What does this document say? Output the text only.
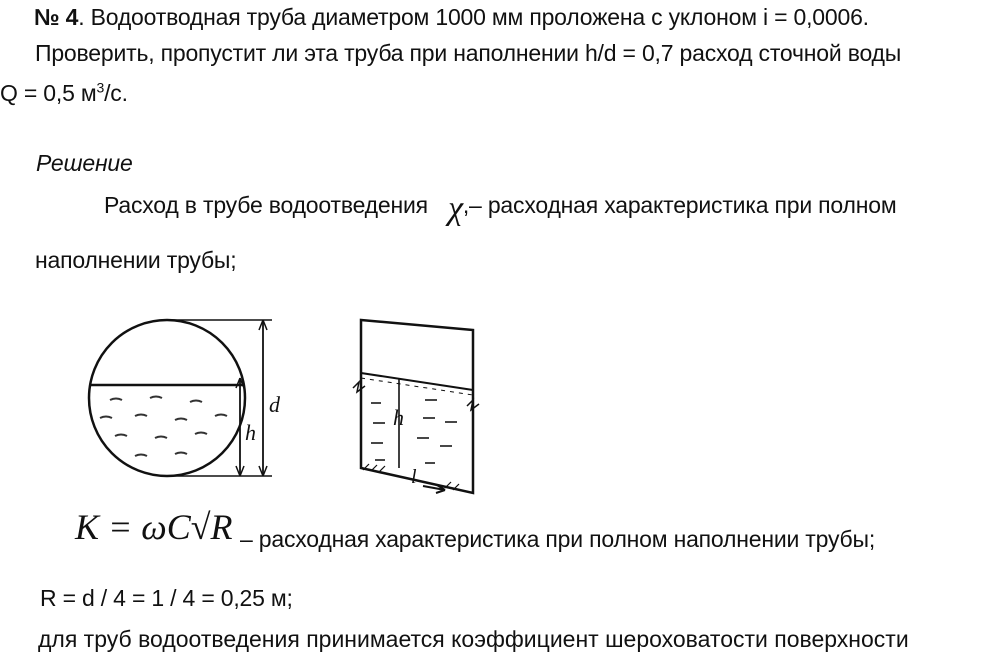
№ 4. Водоотводная труба диаметром 1000 мм проложена с уклоном i = 0,0006.
Проверить, пропустит ли эта труба при наполнении h/d = 0,7 расход сточной воды
Q = 0,5 $м^3/с$.
Решение
Расход в трубе водоотведения χ,– расходная характеристика при полном
наполнении трубы;
d
h
h
l
K = ωC√R – расходная характеристика при полном наполнении трубы;
R = d / 4 = 1 / 4 = 0,25 м;
для труб водоотведения принимается коэффициент шероховатости поверхности
